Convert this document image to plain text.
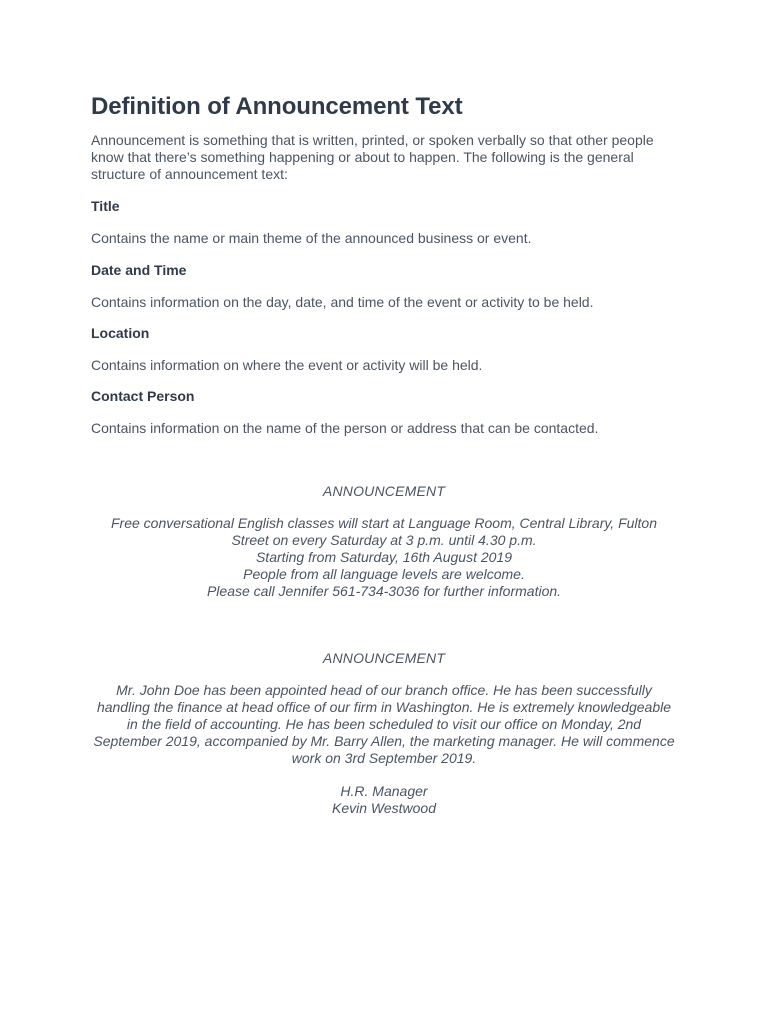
Definition of Announcement Text

Announcement is something that is written, printed, or spoken verbally so that other people know that there’s something happening or about to happen. The following is the general structure of announcement text:

Title

Contains the name or main theme of the announced business or event.

Date and Time

Contains information on the day, date, and time of the event or activity to be held.

Location

Contains information on where the event or activity will be held.

Contact Person

Contains information on the name of the person or address that can be contacted.

ANNOUNCEMENT

Free conversational English classes will start at Language Room, Central Library, Fulton Street on every Saturday at 3 p.m. until 4.30 p.m.
Starting from Saturday, 16th August 2019
People from all language levels are welcome.
Please call Jennifer 561-734-3036 for further information.

ANNOUNCEMENT

Mr. John Doe has been appointed head of our branch office. He has been successfully handling the finance at head office of our firm in Washington. He is extremely knowledgeable in the field of accounting. He has been scheduled to visit our office on Monday, 2nd September 2019, accompanied by Mr. Barry Allen, the marketing manager. He will commence work on 3rd September 2019.

H.R. Manager
Kevin Westwood
